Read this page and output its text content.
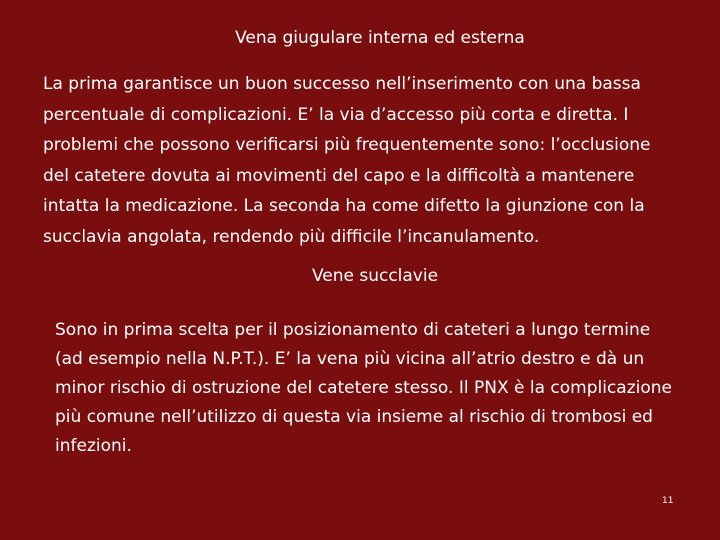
Vena giugulare interna ed esterna
La prima garantisce un buon successo nell’inserimento con una bassa
percentuale di complicazioni. E’ la via d’accesso più corta e diretta. I
problemi che possono verificarsi più frequentemente sono: l’occlusione
del catetere dovuta ai movimenti del capo e la difficoltà a mantenere
intatta la medicazione. La seconda ha come difetto la giunzione con la
succlavia angolata, rendendo più difficile l’incanulamento.
Vene succlavie
Sono in prima scelta per il posizionamento di cateteri a lungo termine
(ad esempio nella N.P.T.). E’ la vena più vicina all’atrio destro e dà un
minor rischio di ostruzione del catetere stesso. Il PNX è la complicazione
più comune nell’utilizzo di questa via insieme al rischio di trombosi ed
infezioni.
11
